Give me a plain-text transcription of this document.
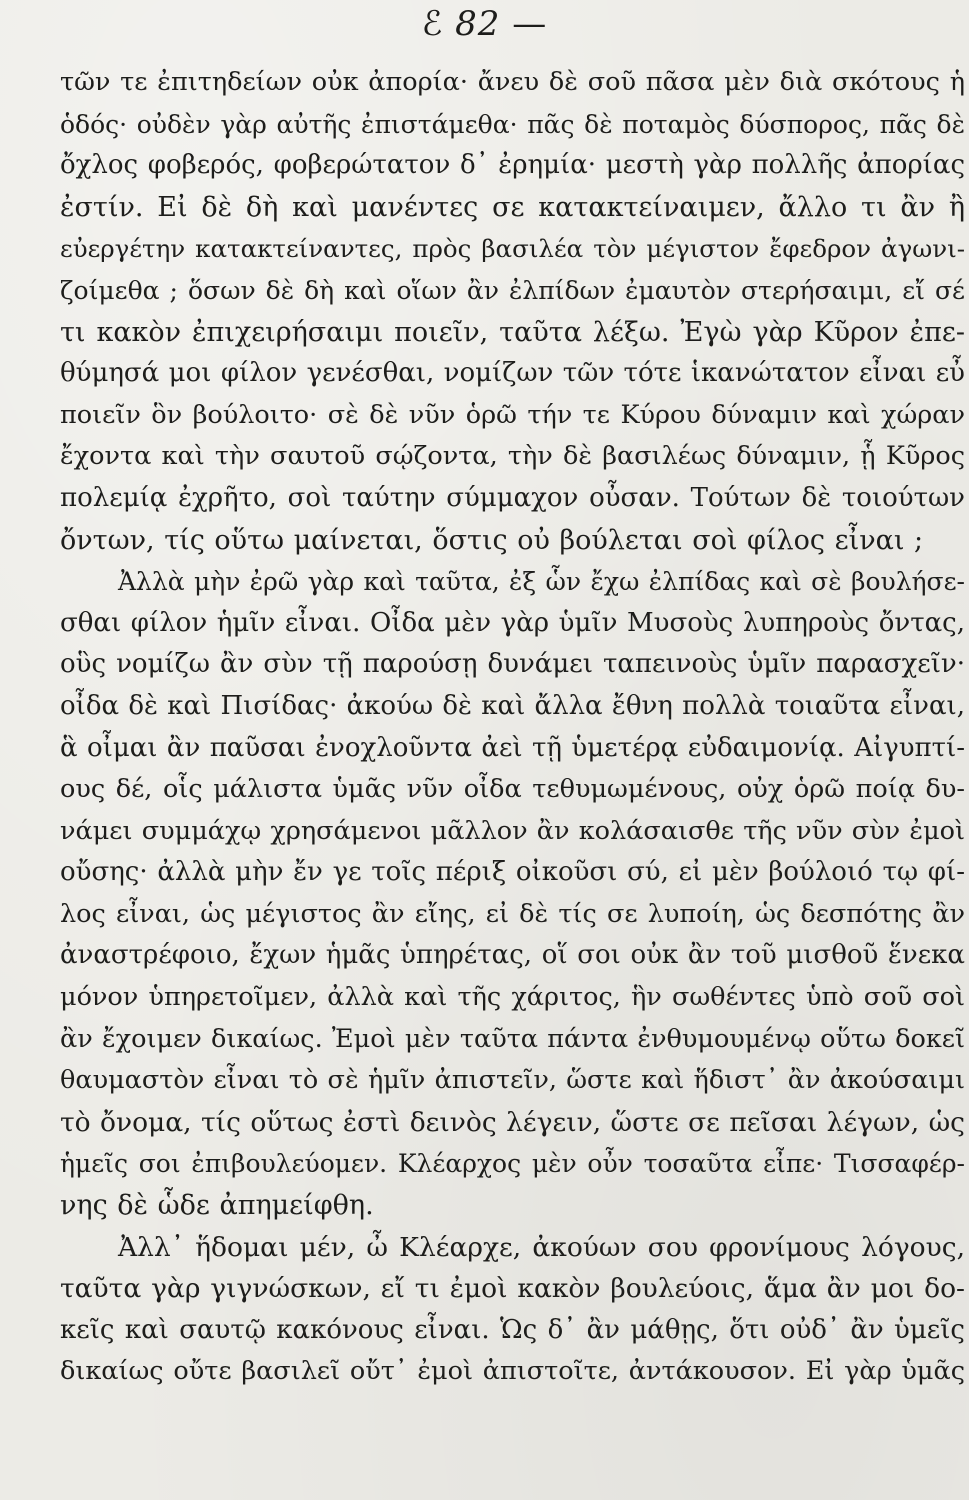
ℰ 82 —
τῶν τε ἐπιτηδείων οὐκ ἀπορία· ἄνευ δὲ σοῦ πᾶσα μὲν διὰ σκότους ἡ
ὁδός· οὐδὲν γὰρ αὐτῆς ἐπιστάμεθα· πᾶς δὲ ποταμὸς δύσπορος, πᾶς δὲ
ὄχλος φοβερός, φοβερώτατον δ᾽ ἐρημία· μεστὴ γὰρ πολλῆς ἀπορίας
ἐστίν. Εἰ δὲ δὴ καὶ μανέντες σε κατακτείναιμεν, ἄλλο τι ἂν ἢ
εὐεργέτην κατακτείναντες, πρὸς βασιλέα τὸν μέγιστον ἔφεδρον ἀγωνι-
ζοίμεθα ; ὅσων δὲ δὴ καὶ οἵων ἂν ἐλπίδων ἐμαυτὸν στερήσαιμι, εἴ σέ
τι κακὸν ἐπιχειρήσαιμι ποιεῖν, ταῦτα λέξω. Ἐγὼ γὰρ Κῦρον ἐπε-
θύμησά μοι φίλον γενέσθαι, νομίζων τῶν τότε ἱκανώτατον εἶναι εὖ
ποιεῖν ὃν βούλοιτο· σὲ δὲ νῦν ὁρῶ τήν τε Κύρου δύναμιν καὶ χώραν
ἔχοντα καὶ τὴν σαυτοῦ σῴζοντα, τὴν δὲ βασιλέως δύναμιν, ᾗ Κῦρος
πολεμίᾳ ἐχρῆτο, σοὶ ταύτην σύμμαχον οὖσαν. Τούτων δὲ τοιούτων
ὄντων, τίς οὕτω μαίνεται, ὅστις οὐ βούλεται σοὶ φίλος εἶναι ;
Ἀλλὰ μὴν ἐρῶ γὰρ καὶ ταῦτα, ἐξ ὧν ἔχω ἐλπίδας καὶ σὲ βουλήσε-
σθαι φίλον ἡμῖν εἶναι. Οἶδα μὲν γὰρ ὑμῖν Μυσοὺς λυπηροὺς ὄντας,
οὓς νομίζω ἂν σὺν τῇ παρούσῃ δυνάμει ταπεινοὺς ὑμῖν παρασχεῖν·
οἶδα δὲ καὶ Πισίδας· ἀκούω δὲ καὶ ἄλλα ἔθνη πολλὰ τοιαῦτα εἶναι,
ἃ οἶμαι ἂν παῦσαι ἐνοχλοῦντα ἀεὶ τῇ ὑμετέρᾳ εὐδαιμονίᾳ. Αἰγυπτί-
ους δέ, οἷς μάλιστα ὑμᾶς νῦν οἶδα τεθυμωμένους, οὐχ ὁρῶ ποίᾳ δυ-
νάμει συμμάχῳ χρησάμενοι μᾶλλον ἂν κολάσαισθε τῆς νῦν σὺν ἐμοὶ
οὔσης· ἀλλὰ μὴν ἔν γε τοῖς πέριξ οἰκοῦσι σύ, εἰ μὲν βούλοιό τῳ φί-
λος εἶναι, ὡς μέγιστος ἂν εἴης, εἰ δὲ τίς σε λυποίη, ὡς δεσπότης ἂν
ἀναστρέφοιο, ἔχων ἡμᾶς ὑπηρέτας, οἵ σοι οὐκ ἂν τοῦ μισθοῦ ἕνεκα
μόνον ὑπηρετοῖμεν, ἀλλὰ καὶ τῆς χάριτος, ἣν σωθέντες ὑπὸ σοῦ σοὶ
ἂν ἔχοιμεν δικαίως. Ἐμοὶ μὲν ταῦτα πάντα ἐνθυμουμένῳ οὕτω δοκεῖ
θαυμαστὸν εἶναι τὸ σὲ ἡμῖν ἀπιστεῖν, ὥστε καὶ ἥδιστ᾽ ἂν ἀκούσαιμι
τὸ ὄνομα, τίς οὕτως ἐστὶ δεινὸς λέγειν, ὥστε σε πεῖσαι λέγων, ὡς
ἡμεῖς σοι ἐπιβουλεύομεν. Κλέαρχος μὲν οὖν τοσαῦτα εἶπε· Τισσαφέρ-
νης δὲ ὧδε ἀπημείφθη.
Ἀλλ᾽ ἥδομαι μέν, ὦ Κλέαρχε, ἀκούων σου φρονίμους λόγους,
ταῦτα γὰρ γιγνώσκων, εἴ τι ἐμοὶ κακὸν βουλεύοις, ἅμα ἂν μοι δο-
κεῖς καὶ σαυτῷ κακόνους εἶναι. Ὡς δ᾽ ἂν μάθῃς, ὅτι οὐδ᾽ ἂν ὑμεῖς
δικαίως οὔτε βασιλεῖ οὔτ᾽ ἐμοὶ ἀπιστοῖτε, ἀντάκουσον. Εἰ γὰρ ὑμᾶς
